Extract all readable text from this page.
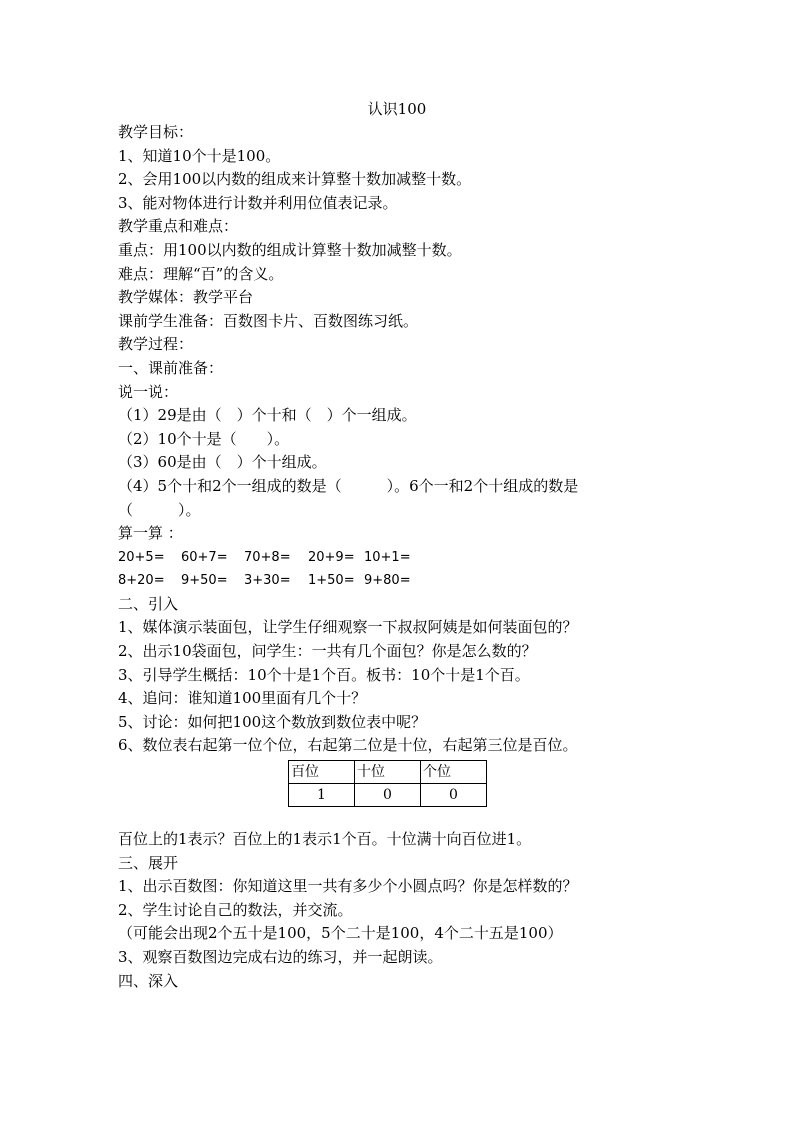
认识100
教学目标：
1、知道10个十是100。
2、会用100以内数的组成来计算整十数加减整十数。
3、能对物体进行计数并利用位值表记录。
教学重点和难点：
重点：用100以内数的组成计算整十数加减整十数。
难点：理解“百”的含义。
教学媒体：教学平台
课前学生准备：百数图卡片、百数图练习纸。
教学过程：
一、课前准备：
说一说：
（1）29是由（　）个十和（　）个一组成。
（2）10个十是（　　）。
（3）60是由（　）个十组成。
（4）5个十和2个一组成的数是（　　　）。6个一和2个十组成的数是
（　　　）。
算一算 ：
20+5= 60+7= 70+8= 20+9= 10+1=
8+20= 9+50= 3+30= 1+50= 9+80=
二、引入
1、媒体演示装面包，让学生仔细观察一下叔叔阿姨是如何装面包的？
2、出示10袋面包，问学生：一共有几个面包？你是怎么数的？
3、引导学生概括：10个十是1个百。板书：10个十是1个百。
4、追问：谁知道100里面有几个十？
5、讨论：如何把100这个数放到数位表中呢？
6、数位表右起第一位个位，右起第二位是十位，右起第三位是百位。
百位	十位	个位
1	0	0
百位上的1表示？百位上的1表示1个百。十位满十向百位进1。
三、展开
1、出示百数图：你知道这里一共有多少个小圆点吗？你是怎样数的？
2、学生讨论自己的数法，并交流。
（可能会出现2个五十是100，5个二十是100，4个二十五是100）
3、观察百数图边完成右边的练习，并一起朗读。
四、深入
